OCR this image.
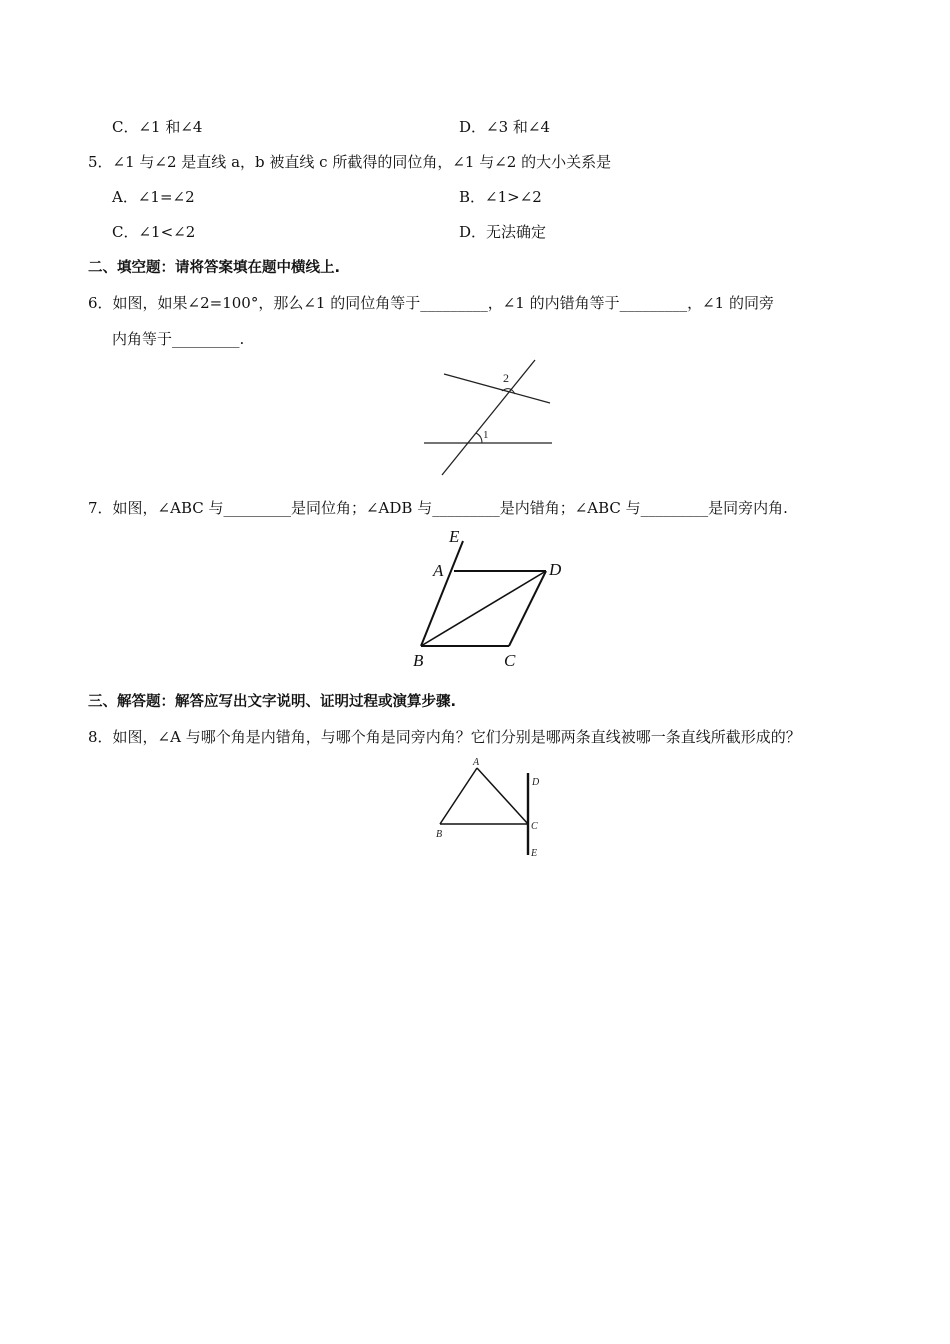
C．∠1 和∠4	D．∠3 和∠4
5．∠1 与∠2 是直线 a，b 被直线 c 所截得的同位角，∠1 与∠2 的大小关系是
A．∠1=∠2	B．∠1>∠2
C．∠1<∠2	D．无法确定
二、填空题：请将答案填在题中横线上.
6．如图，如果∠2=100°，那么∠1 的同位角等于_________，∠1 的内错角等于_________，∠1 的同旁
内角等于_________.
2
1
7．如图，∠ABC 与_________是同位角；∠ADB 与_________是内错角；∠ABC 与_________是同旁内角.
E
A	D
B	C
三、解答题：解答应写出文字说明、证明过程或演算步骤.
8．如图，∠A 与哪个角是内错角，与哪个角是同旁内角？它们分别是哪两条直线被哪一条直线所截形成的？
A
B
C
D
E
